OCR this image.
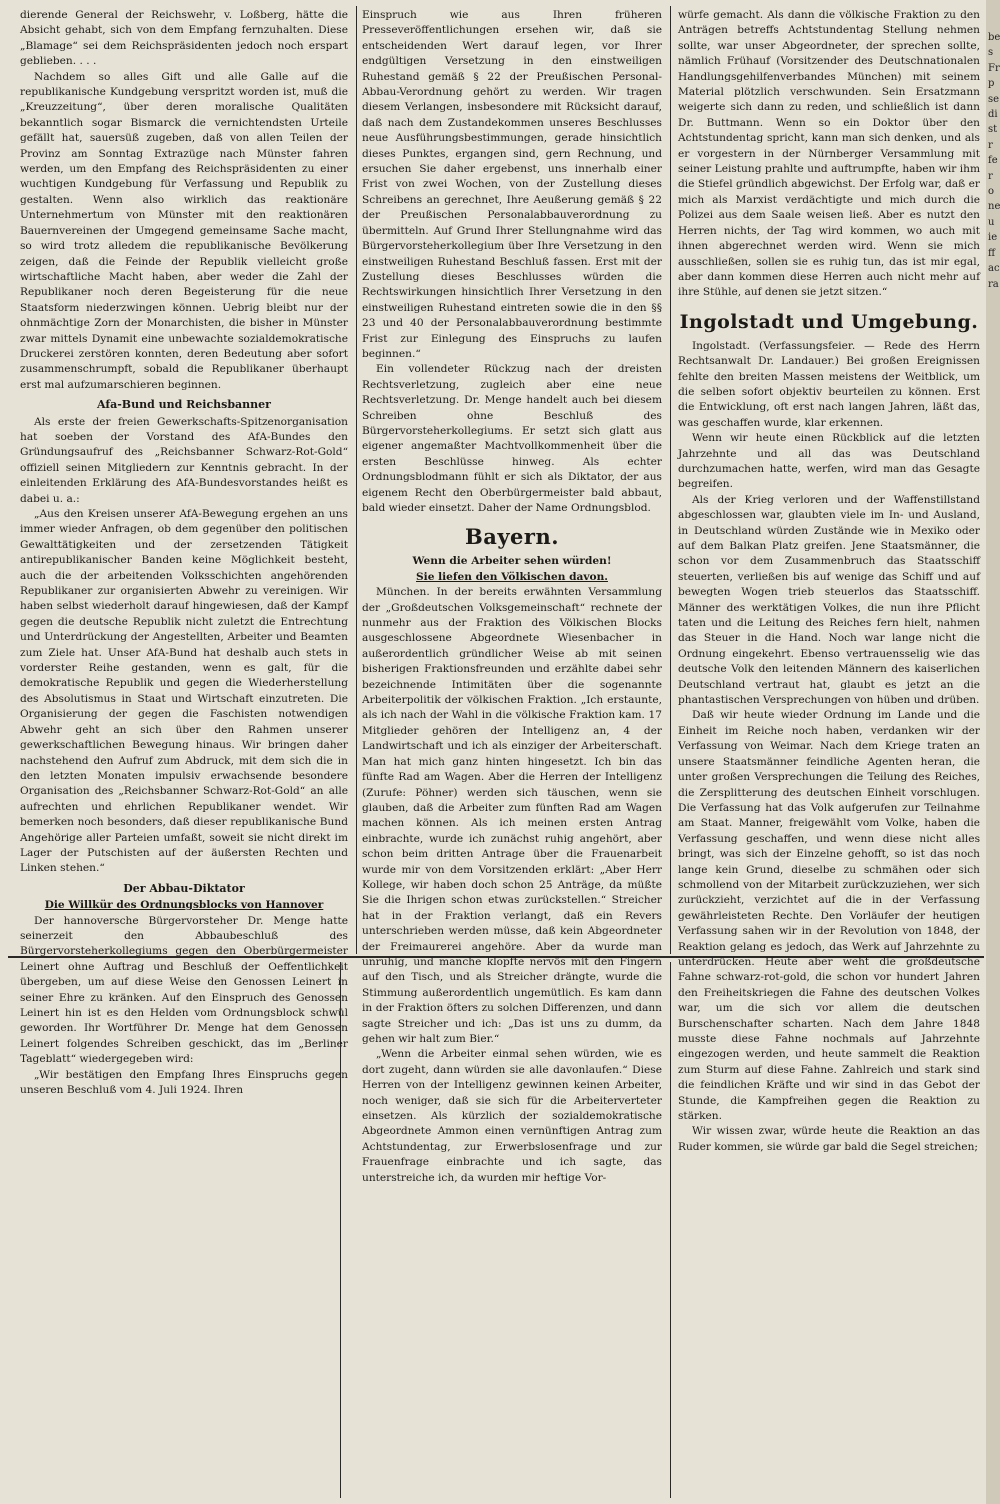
dierende General der Reichswehr, v. Loßberg, hätte die Absicht gehabt, sich von dem Empfang fernzuhalten. Diese „Blamage“ sei dem Reichspräsidenten jedoch noch erspart geblieben. . . .

Nachdem so alles Gift und alle Galle auf die republikanische Kundgebung verspritzt worden ist, muß die „Kreuzzeitung“, über deren moralische Qualitäten bekanntlich sogar Bismarck die vernichtendsten Urteile gefällt hat, sauersüß zugeben, daß von allen Teilen der Provinz am Sonntag Extrazüge nach Münster fahren werden, um den Empfang des Reichspräsidenten zu einer wuchtigen Kundgebung für Verfassung und Republik zu gestalten. Wenn also wirklich das reaktionäre Unternehmertum von Münster mit den reaktionären Bauernvereinen der Umgegend gemeinsame Sache macht, so wird trotz alledem die republikanische Bevölkerung zeigen, daß die Feinde der Republik vielleicht große wirtschaftliche Macht haben, aber weder die Zahl der Republikaner noch deren Begeisterung für die neue Staatsform niederzwingen können. Uebrig bleibt nur der ohnmächtige Zorn der Monarchisten, die bisher in Münster zwar mittels Dynamit eine unbewachte sozialdemokratische Druckerei zerstören konnten, deren Bedeutung aber sofort zusammenschrumpft, sobald die Republikaner überhaupt erst mal aufzumarschieren beginnen.

Afa-Bund und Reichsbanner

Als erste der freien Gewerkschafts-Spitzenorganisation hat soeben der Vorstand des AfA-Bundes den Gründungsaufruf des „Reichsbanner Schwarz-Rot-Gold“ offiziell seinen Mitgliedern zur Kenntnis gebracht. In der einleitenden Erklärung des AfA-Bundesvorstandes heißt es dabei u. a.:

„Aus den Kreisen unserer AfA-Bewegung ergehen an uns immer wieder Anfragen, ob dem gegenüber den politischen Gewalttätigkeiten und der zersetzenden Tätigkeit antirepublikanischer Banden keine Möglichkeit besteht, auch die der arbeitenden Volksschichten angehörenden Republikaner zur organisierten Abwehr zu vereinigen. Wir haben selbst wiederholt darauf hingewiesen, daß der Kampf gegen die deutsche Republik nicht zuletzt die Entrechtung und Unterdrückung der Angestellten, Arbeiter und Beamten zum Ziele hat. Unser AfA-Bund hat deshalb auch stets in vorderster Reihe gestanden, wenn es galt, für die demokratische Republik und gegen die Wiederherstellung des Absolutismus in Staat und Wirtschaft einzutreten. Die Organisierung der gegen die Faschisten notwendigen Abwehr geht an sich über den Rahmen unserer gewerkschaftlichen Bewegung hinaus. Wir bringen daher nachstehend den Aufruf zum Abdruck, mit dem sich die in den letzten Monaten impulsiv erwachsende besondere Organisation des „Reichsbanner Schwarz-Rot-Gold“ an alle aufrechten und ehrlichen Republikaner wendet. Wir bemerken noch besonders, daß dieser republikanische Bund Angehörige aller Parteien umfaßt, soweit sie nicht direkt im Lager der Putschisten auf der äußersten Rechten und Linken stehen.“

Der Abbau-Diktator
Die Willkür des Ordnungsblocks von Hannover

Der hannoversche Bürgervorsteher Dr. Menge hatte seinerzeit den Abbaubeschluß des Bürgervorsteherkollegiums gegen den Oberbürgermeister Leinert ohne Auftrag und Beschluß der Oeffentlichkeit übergeben, um auf diese Weise den Genossen Leinert in seiner Ehre zu kränken. Auf den Einspruch des Genossen Leinert hin ist es den Helden vom Ordnungsblock schwül geworden. Ihr Wortführer Dr. Menge hat dem Genossen Leinert folgendes Schreiben geschickt, das im „Berliner Tageblatt“ wiedergegeben wird:

„Wir bestätigen den Empfang Ihres Einspruchs gegen unseren Beschluß vom 4. Juli 1924. Ihren

Einspruch wie aus Ihren früheren Presseveröffentlichungen ersehen wir, daß sie entscheidenden Wert darauf legen, vor Ihrer endgültigen Versetzung in den einstweiligen Ruhestand gemäß § 22 der Preußischen Personal-Abbau-Verordnung gehört zu werden. Wir tragen diesem Verlangen, insbesondere mit Rücksicht darauf, daß nach dem Zustandekommen unseres Beschlusses neue Ausführungsbestimmungen, gerade hinsichtlich dieses Punktes, ergangen sind, gern Rechnung, und ersuchen Sie daher ergebenst, uns innerhalb einer Frist von zwei Wochen, von der Zustellung dieses Schreibens an gerechnet, Ihre Aeußerung gemäß § 22 der Preußischen Personalabbauverordnung zu übermitteln. Auf Grund Ihrer Stellungnahme wird das Bürgervorsteherkollegium über Ihre Versetzung in den einstweiligen Ruhestand Beschluß fassen. Erst mit der Zustellung dieses Beschlusses würden die Rechtswirkungen hinsichtlich Ihrer Versetzung in den einstweiligen Ruhestand eintreten sowie die in den §§ 23 und 40 der Personalabbauverordnung bestimmte Frist zur Einlegung des Einspruchs zu laufen beginnen.“

Ein vollendeter Rückzug nach der dreisten Rechtsverletzung, zugleich aber eine neue Rechtsverletzung. Dr. Menge handelt auch bei diesem Schreiben ohne Beschluß des Bürgervorsteherkollegiums. Er setzt sich glatt aus eigener angemaßter Machtvollkommenheit über die ersten Beschlüsse hinweg. Als echter Ordnungsblodmann fühlt er sich als Diktator, der aus eigenem Recht den Oberbürgermeister bald abbaut, bald wieder einsetzt. Daher der Name Ordnungsblod.

Bayern.
Wenn die Arbeiter sehen würden!
Sie liefen den Völkischen davon.

München. In der bereits erwähnten Versammlung der „Großdeutschen Volksgemeinschaft“ rechnete der nunmehr aus der Fraktion des Völkischen Blocks ausgeschlossene Abgeordnete Wiesenbacher in außerordentlich gründlicher Weise ab mit seinen bisherigen Fraktionsfreunden und erzählte dabei sehr bezeichnende Intimitäten über die sogenannte Arbeiterpolitik der völkischen Fraktion. „Ich erstaunte, als ich nach der Wahl in die völkische Fraktion kam. 17 Mitglieder gehören der Intelligenz an, 4 der Landwirtschaft und ich als einziger der Arbeiterschaft. Man hat mich ganz hinten hingesetzt. Ich bin das fünfte Rad am Wagen. Aber die Herren der Intelligenz (Zurufe: Pöhner) werden sich täuschen, wenn sie glauben, daß die Arbeiter zum fünften Rad am Wagen machen können. Als ich meinen ersten Antrag einbrachte, wurde ich zunächst ruhig angehört, aber schon beim dritten Antrage über die Frauenarbeit wurde mir von dem Vorsitzenden erklärt: „Aber Herr Kollege, wir haben doch schon 25 Anträge, da müßte Sie die Ihrigen schon etwas zurückstellen.“ Streicher hat in der Fraktion verlangt, daß ein Revers unterschrieben werden müsse, daß kein Abgeordneter der Freimaurerei angehöre. Aber da wurde man unruhig, und manche klopfte nervös mit den Fingern auf den Tisch, und als Streicher drängte, wurde die Stimmung außerordentlich ungemütlich. Es kam dann in der Fraktion öfters zu solchen Differenzen, und dann sagte Streicher und ich: „Das ist uns zu dumm, da gehen wir halt zum Bier.“

„Wenn die Arbeiter einmal sehen würden, wie es dort zugeht, dann würden sie alle davonlaufen.“ Diese Herren von der Intelligenz gewinnen keinen Arbeiter, noch weniger, daß sie sich für die Arbeiterverteter einsetzen. Als kürzlich der sozialdemokratische Abgeordnete Ammon einen vernünftigen Antrag zum Achtstundentag, zur Erwerbslosenfrage und zur Frauenfrage einbrachte und ich sagte, das unterstreiche ich, da wurden mir heftige Vor-

würfe gemacht. Als dann die völkische Fraktion zu den Anträgen betreffs Achtstundentag Stellung nehmen sollte, war unser Abgeordneter, der sprechen sollte, nämlich Frühauf (Vorsitzender des Deutschnationalen Handlungsgehilfenverbandes München) mit seinem Material plötzlich verschwunden. Sein Ersatzmann weigerte sich dann zu reden, und schließlich ist dann Dr. Buttmann. Wenn so ein Doktor über den Achtstundentag spricht, kann man sich denken, und als er vorgestern in der Nürnberger Versammlung mit seiner Leistung prahlte und auftrumpfte, haben wir ihm die Stiefel gründlich abgewichst. Der Erfolg war, daß er mich als Marxist verdächtigte und mich durch die Polizei aus dem Saale weisen ließ. Aber es nutzt den Herren nichts, der Tag wird kommen, wo auch mit ihnen abgerechnet werden wird. Wenn sie mich ausschließen, sollen sie es ruhig tun, das ist mir egal, aber dann kommen diese Herren auch nicht mehr auf ihre Stühle, auf denen sie jetzt sitzen.“

Ingolstadt und Umgebung.

Ingolstadt. (Verfassungsfeier. — Rede des Herrn Rechtsanwalt Dr. Landauer.) Bei großen Ereignissen fehlte den breiten Massen meistens der Weitblick, um die selben sofort objektiv beurteilen zu können. Erst die Entwicklung, oft erst nach langen Jahren, läßt das, was geschaffen wurde, klar erkennen.

Wenn wir heute einen Rückblick auf die letzten Jahrzehnte und all das was Deutschland durchzumachen hatte, werfen, wird man das Gesagte begreifen.

Als der Krieg verloren und der Waffenstillstand abgeschlossen war, glaubten viele im In- und Ausland, in Deutschland würden Zustände wie in Mexiko oder auf dem Balkan Platz greifen. Jene Staatsmänner, die schon vor dem Zusammenbruch das Staatsschiff steuerten, verließen bis auf wenige das Schiff und auf bewegten Wogen trieb steuerlos das Staatsschiff. Männer des werktätigen Volkes, die nun ihre Pflicht taten und die Leitung des Reiches fern hielt, nahmen das Steuer in die Hand. Noch war lange nicht die Ordnung eingekehrt. Ebenso vertrauensselig wie das deutsche Volk den leitenden Männern des kaiserlichen Deutschland vertraut hat, glaubt es jetzt an die phantastischen Versprechungen von hüben und drüben.

Daß wir heute wieder Ordnung im Lande und die Einheit im Reiche noch haben, verdanken wir der Verfassung von Weimar. Nach dem Kriege traten an unsere Staatsmänner feindliche Agenten heran, die unter großen Versprechungen die Teilung des Reiches, die Zersplitterung des deutschen Einheit vorschlugen. Die Verfassung hat das Volk aufgerufen zur Teilnahme am Staat. Manner, freigewählt vom Volke, haben die Verfassung geschaffen, und wenn diese nicht alles bringt, was sich der Einzelne gehofft, so ist das noch lange kein Grund, dieselbe zu schmähen oder sich schmollend von der Mitarbeit zurückzuziehen, wer sich zurückzieht, verzichtet auf die in der Verfassung gewährleisteten Rechte. Den Vorläufer der heutigen Verfassung sahen wir in der Revolution von 1848, der Reaktion gelang es jedoch, das Werk auf Jahrzehnte zu unterdrücken. Heute aber weht die großdeutsche Fahne schwarz-rot-gold, die schon vor hundert Jahren den Freiheitskriegen die Fahne des deutschen Volkes war, um die sich vor allem die deutschen Burschenschafter scharten. Nach dem Jahre 1848 musste diese Fahne nochmals auf Jahrzehnte eingezogen werden, und heute sammelt die Reaktion zum Sturm auf diese Fahne. Zahlreich und stark sind die feindlichen Kräfte und wir sind in das Gebot der Stunde, die Kampfreihen gegen die Reaktion zu stärken.

Wir wissen zwar, würde heute die Reaktion an das Ruder kommen, sie würde gar bald die Segel streichen;

be s Fr p se di st r fe r o ne u ie ff ac ra
